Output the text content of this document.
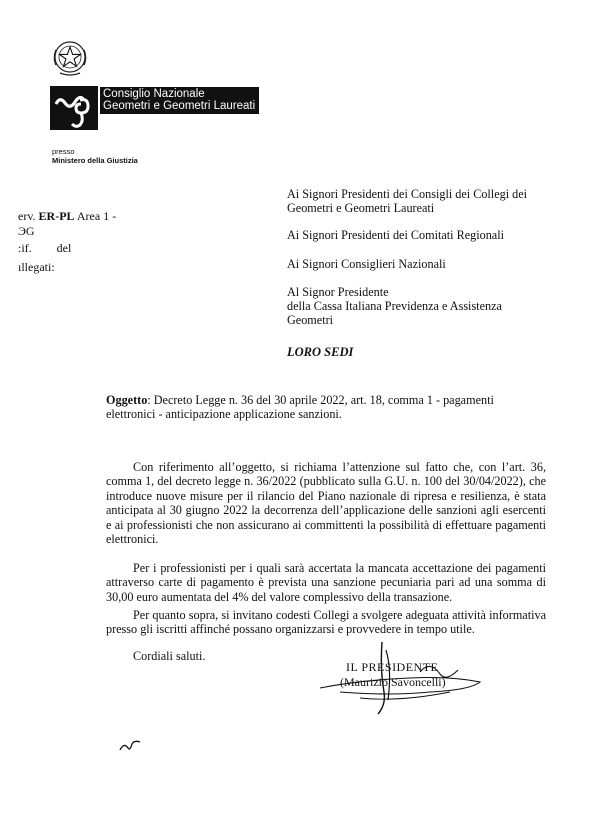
Consiglio Nazionale
Geometri e Geometri Laureati
presso
Ministero della Giustizia
erv. ER-PL Area 1 -
ЭG
:if. del
ıllegati:
Ai Signori Presidenti dei Consigli dei Collegi dei
Geometri e Geometri Laureati
Ai Signori Presidenti dei Comitati Regionali
Ai Signori Consiglieri Nazionali
Al Signor Presidente
della Cassa Italiana Previdenza e Assistenza
Geometri
LORO SEDI
Oggetto: Decreto Legge n. 36 del 30 aprile 2022, art. 18, comma 1 - pagamenti elettronici - anticipazione applicazione sanzioni.
Con riferimento all’oggetto, si richiama l’attenzione sul fatto che, con l’art. 36, comma 1, del decreto legge n. 36/2022 (pubblicato sulla G.U. n. 100 del 30/04/2022), che introduce nuove misure per il rilancio del Piano nazionale di ripresa e resilienza, è stata anticipata al 30 giugno 2022 la decorrenza dell’applicazione delle sanzioni agli esercenti e ai professionisti che non assicurano ai committenti la possibilità di effettuare pagamenti elettronici.
Per i professionisti per i quali sarà accertata la mancata accettazione dei pagamenti attraverso carte di pagamento è prevista una sanzione pecuniaria pari ad una somma di 30,00 euro aumentata del 4% del valore complessivo della transazione.
Per quanto sopra, si invitano codesti Collegi a svolgere adeguata attività informativa presso gli iscritti affinché possano organizzarsi e provvedere in tempo utile.
Cordiali saluti.
IL PRESIDENTE
(Maurizio Savoncelli)
